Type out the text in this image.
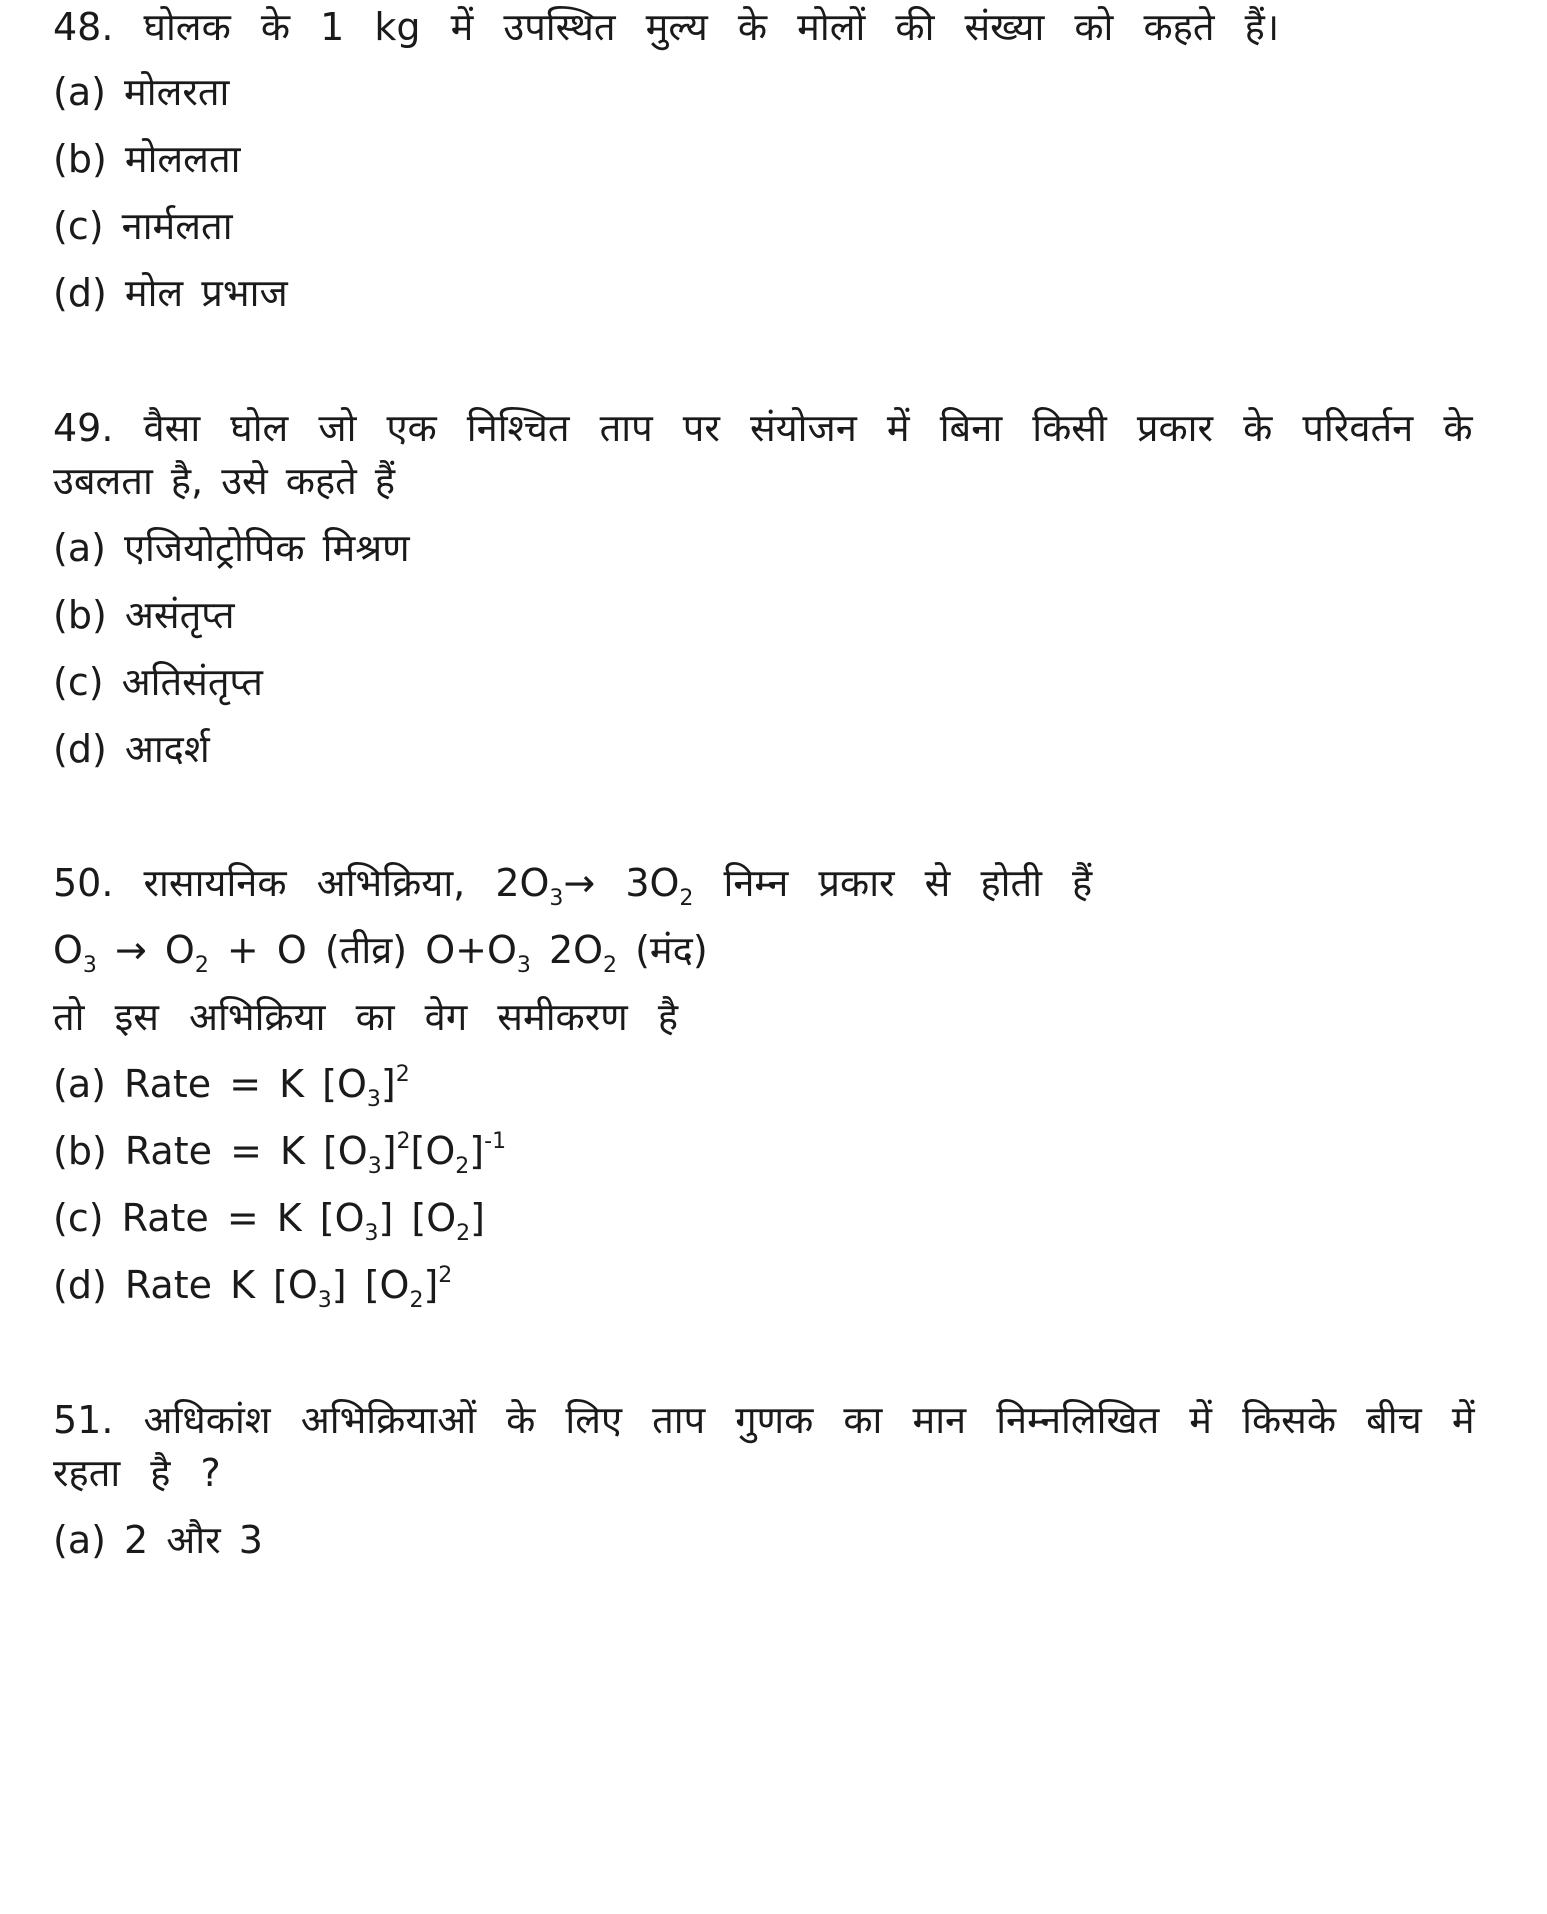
48. घोलक के 1 kg में उपस्थित मुल्य के मोलों की संख्या को कहते हैं।
(a) मोलरता
(b) मोललता
(c) नार्मलता
(d) मोल प्रभाज
49. वैसा घोल जो एक निश्चित ताप पर संयोजन में बिना किसी प्रकार के परिवर्तन के
उबलता है, उसे कहते हैं
(a) एजियोट्रोपिक मिश्रण
(b) असंतृप्त
(c) अतिसंतृप्त
(d) आदर्श
50. रासायनिक अभिक्रिया, $2O_3\to 3O_2$ निम्न प्रकार से होती हैं
$O_3 \to O_2 + O$ (तीव्र) $O+O_3$ $2O_2$ (मंद)
तो इस अभिक्रिया का वेग समीकरण है
(a) Rate = K $[O_3]^2$
(b) Rate = K $[O_3]^2[O_2]^{-1}$
(c) Rate = K $[O_3]$ $[O_2]$
(d) Rate K $[O_3]$ $[O_2]^2$
51. अधिकांश अभिक्रियाओं के लिए ताप गुणक का मान निम्नलिखित में किसके बीच में
रहता है ?
(a) 2 और 3
